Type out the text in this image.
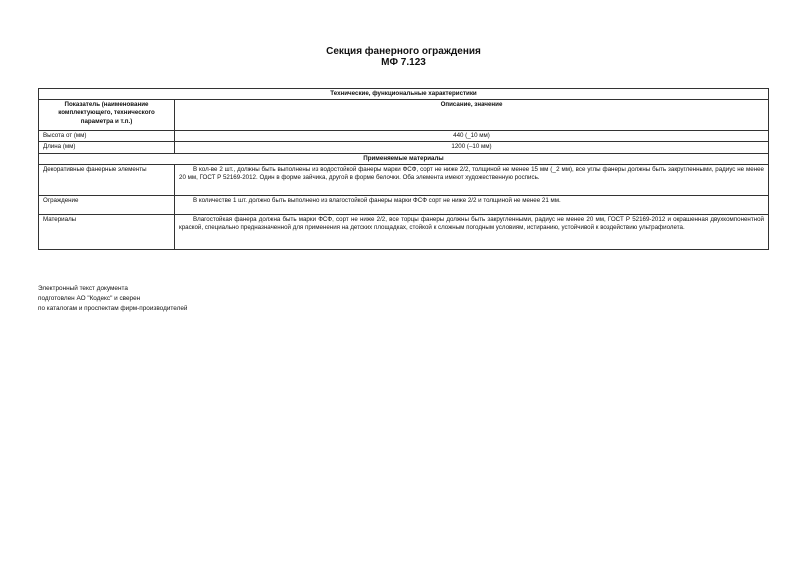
Секция фанерного ограждения
МФ 7.123
Технические, функциональные характеристики	
Показатель (наименование комплектующего, технического параметра и т.п.)	Описание, значение
Высота от (мм)	440 ( ̲ 10 мм)
Длина (мм)	1200 ( ̶ 10 мм)
Применяемые материалы	
Декоративные фанерные элементы	В кол-ве 2 шт., должны быть выполнены из водостойкой фанеры марки ФСФ, сорт не ниже 2/2, толщиной не менее 15 мм ( ̲ 2 мм), все углы фанеры должны быть закругленными, радиус не менее 20 мм, ГОСТ Р 52169-2012. Один в форме зайчика, другой в форме белочки. Оба элемента имеют художественную роспись.
Ограждение	В количестве 1 шт. должно быть выполнено из влагостойкой фанеры марки ФСФ сорт не ниже 2/2 и толщиной не менее 21 мм.
Материалы	Влагостойкая фанера должна быть марки ФСФ, сорт не ниже 2/2, все торцы фанеры должны быть закругленными, радиус не менее 20 мм, ГОСТ Р 52169-2012 и окрашенная двухкомпонентной краской, специально предназначенной для применения на детских площадках, стойкой к сложным погодным условиям, истиранию, устойчивой к воздействию ультрафиолета.
Электронный текст документа
подготовлен АО "Кодекс" и сверен
по каталогам и проспектам фирм-производителей
